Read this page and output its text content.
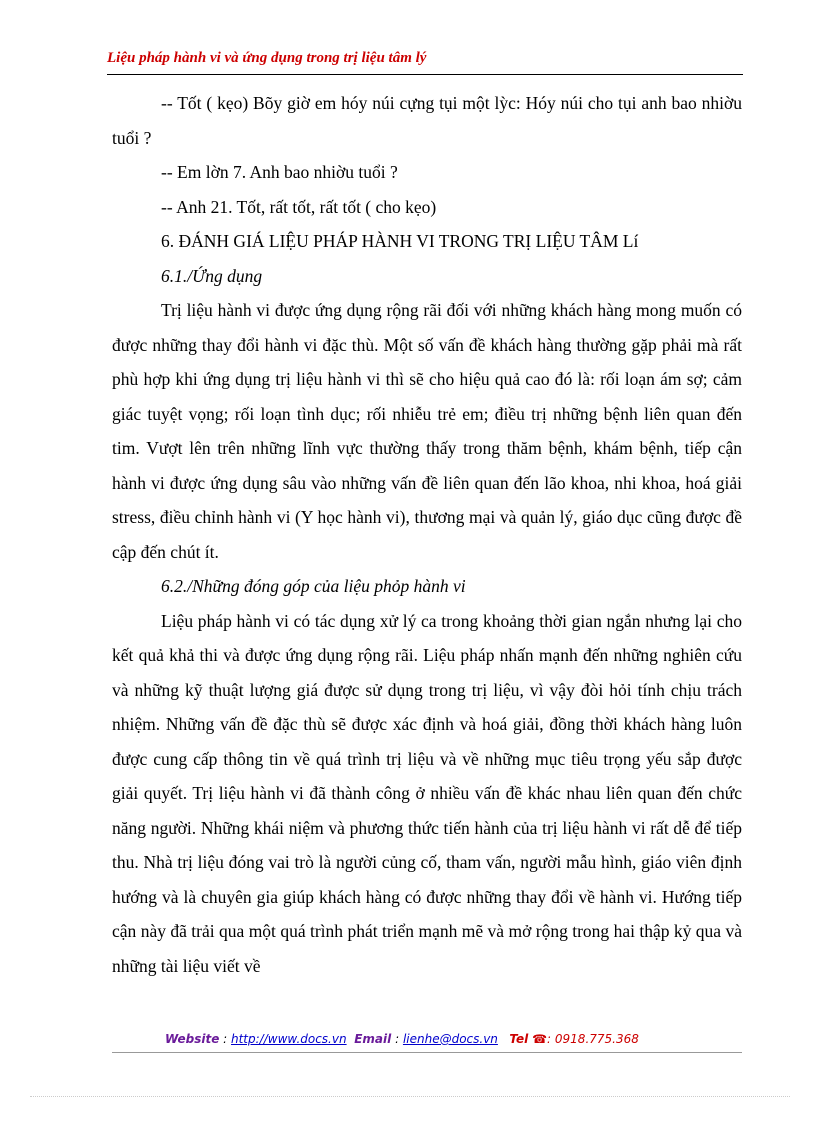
Liệu pháp hành vi và ứng dụng trong trị liệu tâm lý

-- Tốt ( kẹo) Bõy giờ em hóy núi cựng tụi một lỳc: Hóy núi cho tụi anh bao nhiờu tuổi ?

-- Em lờn 7. Anh bao nhiờu tuổi ?

-- Anh 21. Tốt, rất tốt, rất tốt ( cho kẹo)

6. ĐÁNH GIÁ LIỆU PHÁP HÀNH VI TRONG TRỊ LIỆU TÂM Lí

6.1./Ứng dụng

Trị liệu hành vi được ứng dụng rộng rãi đối với những khách hàng mong muốn có được những thay đổi hành vi đặc thù. Một số vấn đề khách hàng thường gặp phải mà rất phù hợp khi ứng dụng trị liệu hành vi thì sẽ cho hiệu quả cao đó là: rối loạn ám sợ; cảm giác tuyệt vọng; rối loạn tình dục; rối nhiễu trẻ em; điều trị những bệnh liên quan đến tim. Vượt lên trên những lĩnh vực thường thấy trong thăm bệnh, khám bệnh, tiếp cận hành vi được ứng dụng sâu vào những vấn đề liên quan đến lão khoa, nhi khoa, hoá giải stress, điều chỉnh hành vi (Y học hành vi), thương mại và quản lý, giáo dục cũng được đề cập đến chút ít.

6.2./Những đóng góp của liệu phỏp hành vi

Liệu pháp hành vi có tác dụng xử lý ca trong khoảng thời gian ngắn nhưng lại cho kết quả khả thi và được ứng dụng rộng rãi. Liệu pháp nhấn mạnh đến những nghiên cứu và những kỹ thuật lượng giá được sử dụng trong trị liệu, vì vậy đòi hỏi tính chịu trách nhiệm. Những vấn đề đặc thù sẽ được xác định và hoá giải, đồng thời khách hàng luôn được cung cấp thông tin về quá trình trị liệu và về những mục tiêu trọng yếu sắp được giải quyết. Trị liệu hành vi đã thành công ở nhiều vấn đề khác nhau liên quan đến chức năng người. Những khái niệm và phương thức tiến hành của trị liệu hành vi rất dễ để tiếp thu. Nhà trị liệu đóng vai trò là người củng cố, tham vấn, người mẫu hình, giáo viên định hướng và là chuyên gia giúp khách hàng có được những thay đổi về hành vi. Hướng tiếp cận này đã trải qua một quá trình phát triển mạnh mẽ và mở rộng trong hai thập kỷ qua và những tài liệu viết về

Website : http://www.docs.vn Email : lienhe@docs.vn Tel ☎: 0918.775.368
